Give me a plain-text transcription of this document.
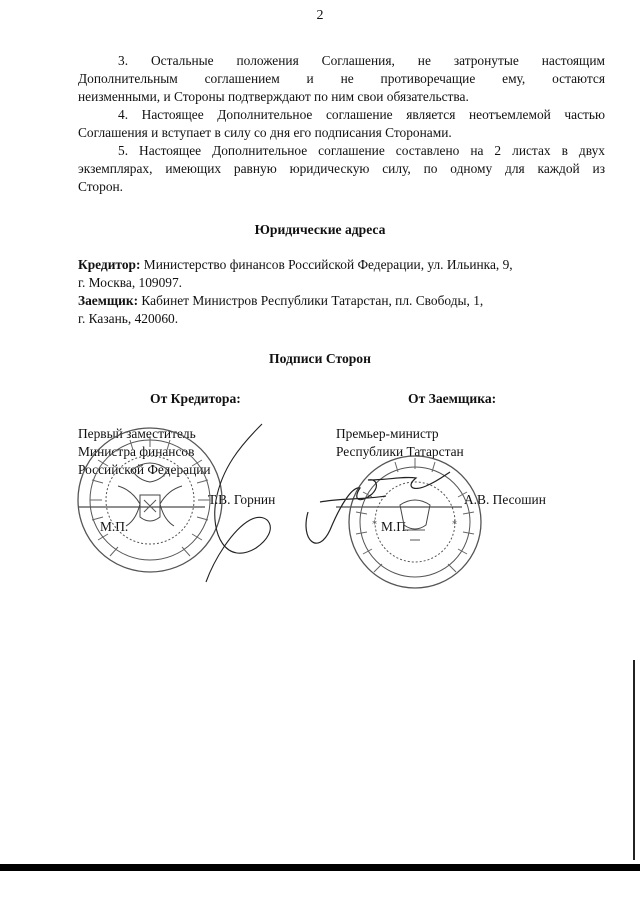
2
3. Остальные положения Соглашения, не затронутые настоящим
Дополнительным соглашением и не противоречащие ему, остаются
неизменными, и Стороны подтверждают по ним свои обязательства.
4. Настоящее Дополнительное соглашение является неотъемлемой частью
Соглашения и вступает в силу со дня его подписания Сторонами.
5. Настоящее Дополнительное соглашение составлено на 2 листах в двух
экземплярах, имеющих равную юридическую силу, по одному для каждой из
Сторон.
Юридические адреса
Кредитор: Министерство финансов Российской Федерации, ул. Ильинка, 9,
г. Москва, 109097.
Заемщик: Кабинет Министров Республики Татарстан, пл. Свободы, 1,
г. Казань, 420060.
Подписи Сторон
От Кредитора:	От Заемщика:
Первый заместитель
Министра финансов
Российской Федерации
Т.В. Горнин
М.П.
Премьер-министр
Республики Татарстан
А.В. Песошин
М.П.
*	*
